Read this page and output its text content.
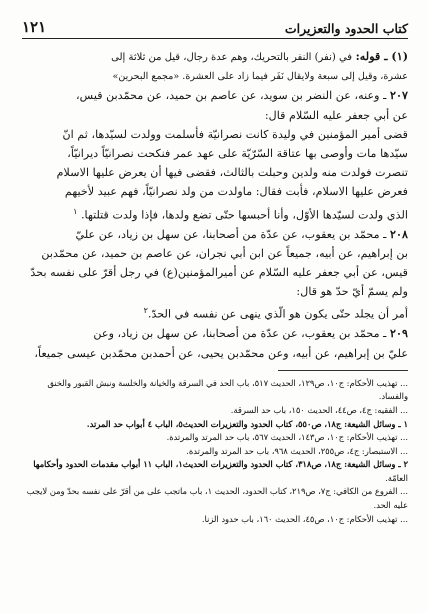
كتاب الحدود والتعزيرات
١٢١
(١) ـ قوله: في (نفر) النفر بالتحريك، وهم عدة رجال، قيل من ثلاثة إلى
عشرة، وقيل إلى سبعة ولايقال نَفَر فيما زاد على العشرة. «مجمع البحرين»
٢٠٧ ـ وعنه، عن النضر بن سويد، عن عاصم بن حميد، عن محمّدبن قيس،
عن أبي جعفر عليه السّلام قال:
قضى أمير المؤمنين في وليدة كانت نصرانيّة فأسلمت وولدت لسيّدها، ثم انّ
سيّدها مات وأوصى بها عتاقة السّرّيّة على عهد عمر فنكحت نصرانيّاً ديرانيّاً،
تنصرت فولدت منه ولدين وحبلت بالثالث، فقضى فيها أن يعرض عليها الاسلام
فعرض عليها الاسلام، فأبت فقال: ماولدت من ولد نصرانيّاً، فهم عبيد لأخيهم
الذي ولدت لسيّدها الأوّل، وأنا أحبسها حتّى تضع ولدها، فإذا ولدت قتلتها. $^١$
٢٠٨ ـ محمّد بن يعقوب، عن عدّة من أصحابنا، عن سهل بن زياد، عن عليّ
بن إبراهيم، عن أبيه، جميعاً عن ابن أبي نجران، عن عاصم بن حميد، عن محمّدبن
قيس، عن أبي جعفر عليه السّلام عن أميرالمؤمنين(ع) في رجل أقرّ على نفسه بحدّ
ولم يسمّ أيّ حدّ هو قال:
أمر أن يجلد حتّى يكون هو الّذي ينهى عن نفسه في الحدّ.$^٢$
٢٠٩ ـ محمّد بن يعقوب، عن عدّة من أصحابنا، عن سهل بن زياد، وعن
عليّ بن إبراهيم، عن أبيه، وعن محمّدبن يحيى، عن أحمدبن محمّدبن عيسى جميعاً،
... تهذيب الأحكام: ج١٠، ص١٢٩، الحديث ٥١٧، باب الحد في السرقة والخيانة والخلسة ونبش القبور والخنق
والفساد.
... الفقيه: ج٤، ص٤٤، الحديث ١٥٠، باب حد السرقة.
١ ـ وسائل الشيعة: ج١٨، ص٥٥٠، كتاب الحدود والتعزيرات الحديث٥، الباب ٤ أبواب حد المرتد.
... تهذيب الأحكام: ج١٠، ص١٤٣، الحديث ٥٦٧، باب حد المرتد والمرتدة.
... الاستبصار: ج٤، ص٢٥٥، الحديث ٩٦٨، باب حد المرتد والمرتدة.
٢ ـ وسائل الشيعة: ج١٨، ص٣١٨، كتاب الحدود والتعزيرات الحديث١، الباب ١١ أبواب مقدمات الحدود وأحكامها
العامّة.
... الفروع من الكافي: ج٧، ص٢١٩، كتاب الحدود، الحديث ١، باب ماتجب على من أقرّ على نفسه بحدّ ومن لايجب
عليه الحد.
... تهذيب الأحكام: ج١٠، ص٤٥، الحديث ١٦٠، باب حدود الزنا.
